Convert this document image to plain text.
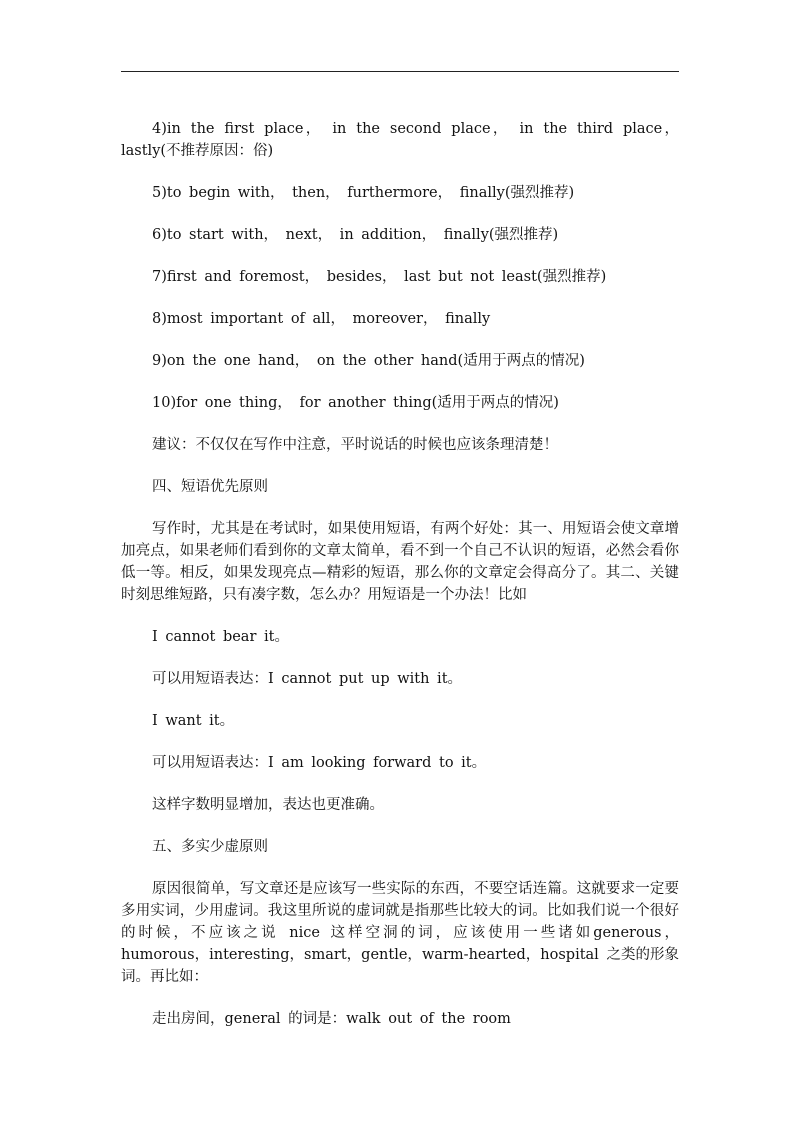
4)in the first place， in the second place， in the third place，lastly(不推荐原因：俗)

5)to begin with， then， furthermore， finally(强烈推荐)

6)to start with， next， in addition， finally(强烈推荐)

7)first and foremost， besides， last but not least(强烈推荐)

8)most important of all， moreover， finally

9)on the one hand， on the other hand(适用于两点的情况)

10)for one thing， for another thing(适用于两点的情况)

建议：不仅仅在写作中注意，平时说话的时候也应该条理清楚！

四、短语优先原则

写作时，尤其是在考试时，如果使用短语，有两个好处：其一、用短语会使文章增加亮点，如果老师们看到你的文章太简单，看不到一个自己不认识的短语，必然会看你低一等。相反，如果发现亮点—精彩的短语，那么你的文章定会得高分了。其二、关键时刻思维短路，只有凑字数，怎么办？用短语是一个办法！比如

I cannot bear it。

可以用短语表达：I cannot put up with it。

I want it。

可以用短语表达：I am looking forward to it。

这样字数明显增加，表达也更准确。

五、多实少虚原则

原因很简单，写文章还是应该写一些实际的东西，不要空话连篇。这就要求一定要多用实词，少用虚词。我这里所说的虚词就是指那些比较大的词。比如我们说一个很好的时候，不应该之说 nice 这样空洞的词，应该使用一些诸如generous，humorous，interesting，smart，gentle，warm-hearted，hospital 之类的形象词。再比如：

走出房间，general 的词是：walk out of the room
